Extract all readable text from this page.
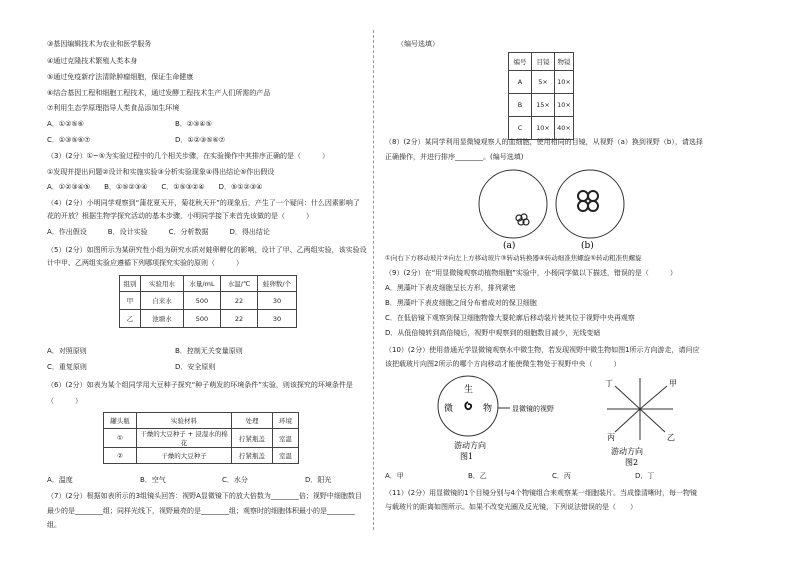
③基因编辑技术为农业和医学服务
④通过克隆技术繁殖人类本身
⑤通过免疫新疗法清除肿瘤细胞，保证生命健康
⑥结合基因工程和细胞工程技术，通过发酵工程技术生产人们所需的产品
⑦利用生态学原理指导人类食品添加生环境
A．①②⑤⑥	B．②③④⑤
C．①③⑤⑥⑦	D．①②③⑤⑥⑦
（3）(2分）①~⑤为实验过程中的几个相关步骤，在实验操作中其排序正确的是（　　　）
①发现并提出问题②设计和实施实验③分析实验现象④得出结论⑤作出假设
A．①②③④⑤　　B．①⑤②③④　　C．①⑤③②④　　D．⑤①②③④
（4）(2分）小明同学观察到“蒲花夏天开，菊花秋天开”的现象后，产生了一个疑问：什么因素影响了
花的开放？根据生物学探究活动的基本步骤，小明同学接下来首先该做的是（　　　）
A．作出假设　　　B．设计实验　　　C．分析数据　　　D．得出结论
（5）(2分）如图所示为某研究性小组为研究水质对蛙卵孵化的影响，设计了甲、乙两组实验，该实验设
计中甲、乙两组实验应遵循下列哪项探究实验的原则（　　　）
组别	实验用水	水量/mL	水温/℃	蛙卵数/个
甲	自来水	500	22	30
乙	池塘水	500	22	30
A．对照原则	B．控制无关变量原则
C．重复原则	D．安全原则
（6）(2分）如表为某个组同学用大豆种子探究“种子萌发的环境条件”实验，则该探究的环境条件是
（　　　）
罐头瓶	实验材料	处理	环境
①	干燥的大豆种子 + 浸湿水的棉花	拧紧瓶盖	室温
②	干燥的大豆种子	拧紧瓶盖	室温
A．温度	B．空气	C．水分	D．阳光
（7）(2分）根据如表所示的3组镜头回答：视野A显微镜下的放大倍数为________倍；视野中细胞数目
最少的是________组；同样光线下，视野最亮的是________组；观察时的细胞体积最小的是________
组。
（编号选填）
编号	目镜	物镜
A	5×	10×
B	15×	10×
C	10×	40×
（8）(2分）某同学利用显微镜观察人的血细胞，使用相同的目镜，从视野（a）换到视野（b），请选择
正确操作，并进行排序________。(编号选填)
(a)	(b)
①向右下方移动玻片②向左上方移动玻片③转动转换器④转动细准焦螺旋⑤转动粗准焦螺旋
（9）(2分）在“用显微镜观察动植物细胞”实验中，小杨同学做以下描述，错误的是（　　　）
A．黑藻叶下表皮细胞呈长方形，排列紧密
B．黑藻叶下表皮细胞之间分布着成对的保卫细胞
C．在低倍镜下观察到保卫细胞物像大要轮廓后移动装片使其位于视野中央再观察
D．从低倍镜转到高倍镜后，视野中观察到的细胞数目减少，光线变暗
（10）(2分）使用普通光学显微镜观察水中微生物，若发现视野中微生物如图1所示方向游走，请问应
该把载玻片向图2所示的哪个方向移动才能使微生物处于视野中央（　　　）
生
微	物	显微镜的视野
游动方向
图1
丁	甲
丙	乙
游动方向
图2
A．甲	B．乙	C．丙	D．丁
（11）(2分）用显微镜的1个目镜分别与4个物镜组合来观察某一细胞装片。当成像清晰时，每一物镜
与载玻片的距离如图所示。如果不改变光圈及反光镜，下列说法错误的是（　　）
